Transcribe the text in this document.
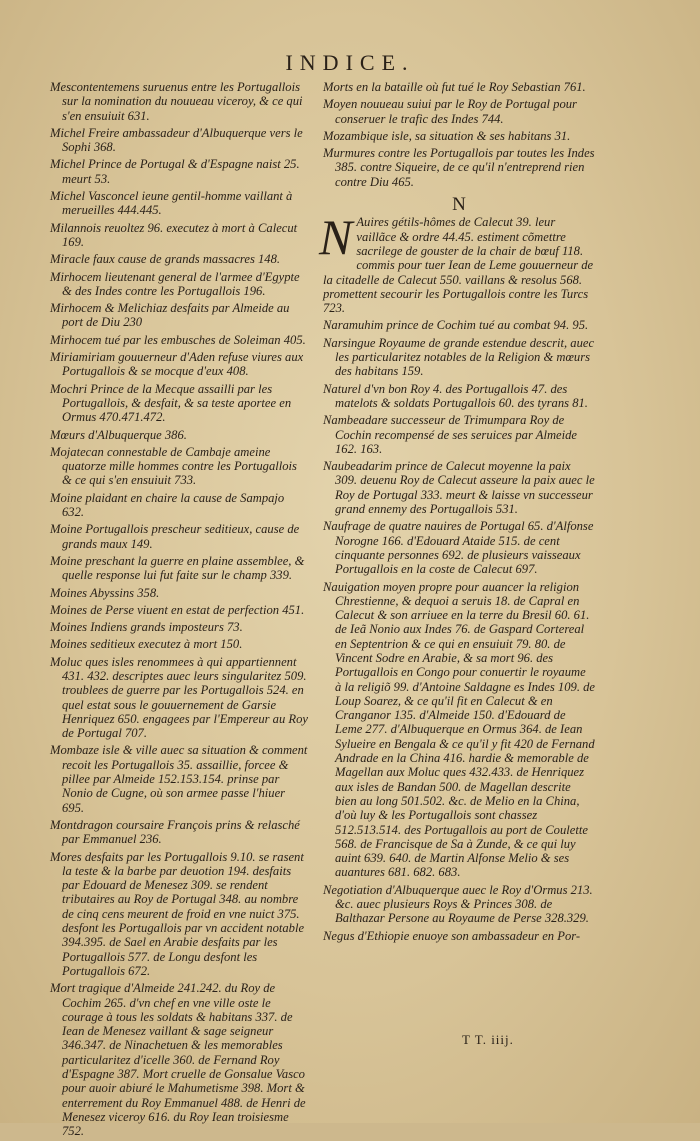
INDICE.
Mescontentemens suruenus entre les Portugallois sur la nomination du nouueau viceroy, & ce qui s'en ensuiuit 631.
Michel Freire ambassadeur d'Albuquerque vers le Sophi 368.
Michel Prince de Portugal & d'Espagne naist 25. meurt 53.
Michel Vasconcel ieune gentil-homme vaillant à merueilles 444.445.
Milannois reuoltez 96. executez à mort à Calecut 169.
Miracle faux cause de grands massacres 148.
Mirhocem lieutenant general de l'armee d'Egypte & des Indes contre les Portugallois 196.
Mirhocem & Melichiaz desfaits par Almeide au port de Diu 230
Mirhocem tué par les embusches de Soleiman 405.
Miriamiriam gouuerneur d'Aden refuse viures aux Portugallois & se mocque d'eux 408.
Mochri Prince de la Mecque assailli par les Portugallois, & desfait, & sa teste aportee en Ormus 470.471.472.
Mœurs d'Albuquerque 386.
Mojatecan connestable de Cambaje ameine quatorze mille hommes contre les Portugallois & ce qui s'en ensuiuit 733.
Moine plaidant en chaire la cause de Sampajo 632.
Moine Portugallois prescheur seditieux, cause de grands maux 149.
Moine preschant la guerre en plaine assemblee, & quelle response lui fut faite sur le champ 339.
Moines Abyssins 358.
Moines de Perse viuent en estat de perfection 451.
Moines Indiens grands imposteurs 73.
Moines seditieux executez à mort 150.
Moluc ques isles renommees à qui appartiennent 431. 432. descriptes auec leurs singularitez 509. troublees de guerre par les Portugallois 524. en quel estat sous le gouuernement de Garsie Henriquez 650. engagees par l'Empereur au Roy de Portugal 707.
Mombaze isle & ville auec sa situation & comment recoit les Portugallois 35. assaillie, forcee & pillee par Almeide 152.153.154. prinse par Nonio de Cugne, où son armee passe l'hiuer 695.
Montdragon coursaire François prins & relasché par Emmanuel 236.
Mores desfaits par les Portugallois 9.10. se rasent la teste & la barbe par deuotion 194. desfaits par Edouard de Menesez 309. se rendent tributaires au Roy de Portugal 348. au nombre de cinq cens meurent de froid en vne nuict 375. desfont les Portugallois par vn accident notable 394.395. de Sael en Arabie desfaits par les Portugallois 577. de Longu desfont les Portugallois 672.
Mort tragique d'Almeide 241.242. du Roy de Cochim 265. d'vn chef en vne ville oste le courage à tous les soldats & habitans 337. de Iean de Menesez vaillant & sage seigneur 346.347. de Ninachetuen & les memorables particularitez d'icelle 360. de Fernand Roy d'Espagne 387. Mort cruelle de Gonsalue Vasco pour auoir abiuré le Mahumetisme 398. Mort & enterrement du Roy Emmanuel 488. de Henri de Menesez viceroy 616. du Roy Iean troisiesme 752.
Morts en la bataille où fut tué le Roy Sebastian 761.
Moyen nouueau suiui par le Roy de Portugal pour conseruer le trafic des Indes 744.
Mozambique isle, sa situation & ses habitans 31.
Murmures contre les Portugallois par toutes les Indes 385. contre Siqueire, de ce qu'il n'entreprend rien contre Diu 465.
N
N Auires gétils-hômes de Calecut 39. leur vaillãce & ordre 44.45. estiment cõmettre sacrilege de gouster de la chair de bœuf 118. commis pour tuer Iean de Leme gouuerneur de la citadelle de Calecut 550. vaillans & resolus 568. promettent secourir les Portugallois contre les Turcs 723.
Naramuhim prince de Cochim tué au combat 94. 95.
Narsingue Royaume de grande estendue descrit, auec les particularitez notables de la Religion & mœurs des habitans 159.
Naturel d'vn bon Roy 4. des Portugallois 47. des matelots & soldats Portugallois 60. des tyrans 81.
Nambeadare successeur de Trimumpara Roy de Cochin recompensé de ses seruices par Almeide 162. 163.
Naubeadarim prince de Calecut moyenne la paix 309. deuenu Roy de Calecut asseure la paix auec le Roy de Portugal 333. meurt & laisse vn successeur grand ennemy des Portugallois 531.
Naufrage de quatre nauires de Portugal 65. d'Alfonse Norogne 166. d'Edouard Ataide 515. de cent cinquante personnes 692. de plusieurs vaisseaux Portugallois en la coste de Calecut 697.
Nauigation moyen propre pour auancer la religion Chrestienne, & dequoi a seruis 18. de Capral en Calecut & son arriuee en la terre du Bresil 60. 61. de Ieã Nonio aux Indes 76. de Gaspard Cortereal en Septentrion & ce qui en ensuiuit 79. 80. de Vincent Sodre en Arabie, & sa mort 96. des Portugallois en Congo pour conuertir le royaume à la religiõ 99. d'Antoine Saldagne es Indes 109. de Loup Soarez, & ce qu'il fit en Calecut & en Cranganor 135. d'Almeide 150. d'Edouard de Leme 277. d'Albuquerque en Ormus 364. de Iean Sylueire en Bengala & ce qu'il y fit 420 de Fernand Andrade en la China 416. hardie & memorable de Magellan aux Moluc ques 432.433. de Henriquez aux isles de Bandan 500. de Magellan descrite bien au long 501.502. &c. de Melio en la China, d'où luy & les Portugallois sont chassez 512.513.514. des Portugallois au port de Coulette 568. de Francisque de Sa à Zunde, & ce qui luy auint 639. 640. de Martin Alfonse Melio & ses auantures 681. 682. 683.
Negotiation d'Albuquerque auec le Roy d'Ormus 213. &c. auec plusieurs Roys & Princes 308. de Balthazar Persone au Royaume de Perse 328.329.
Negus d'Ethiopie enuoye son ambassadeur en Por-
T T. iiij.
